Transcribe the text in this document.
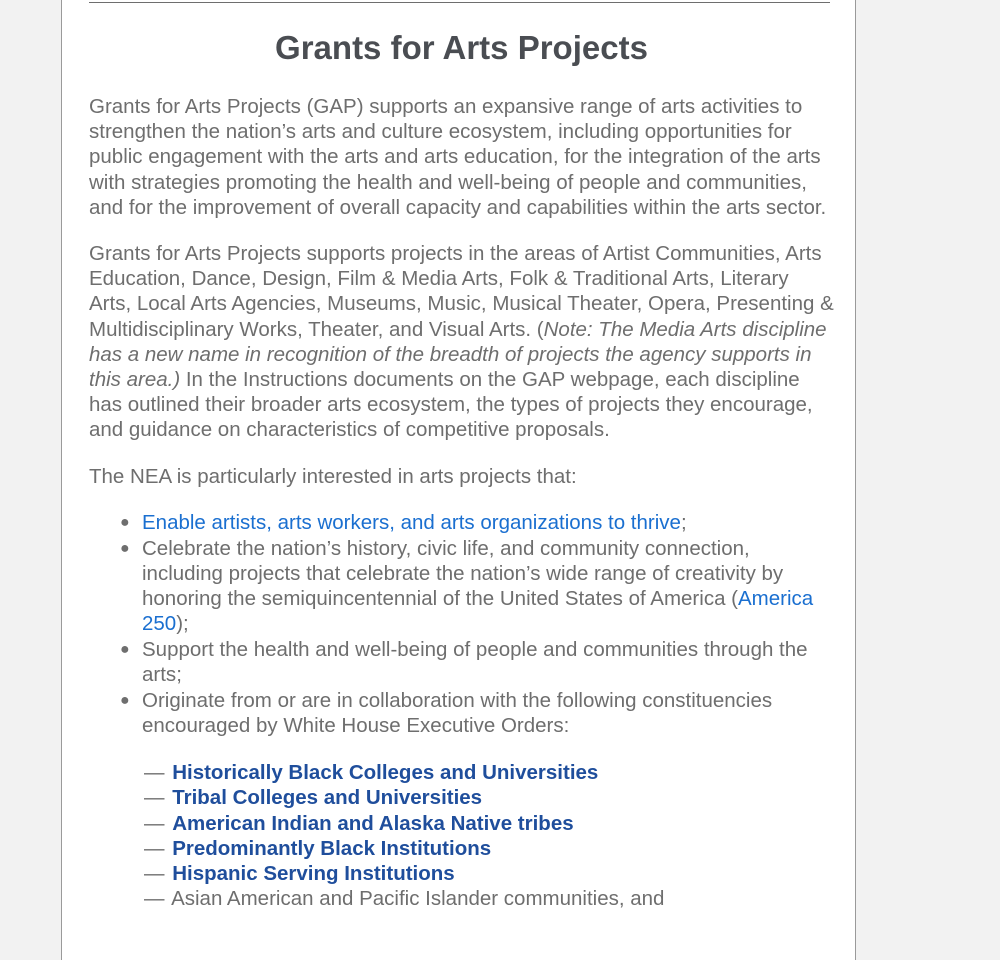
Grants for Arts Projects

Grants for Arts Projects (GAP) supports an expansive range of arts activities to strengthen the nation’s arts and culture ecosystem, including opportunities for public engagement with the arts and arts education, for the integration of the arts with strategies promoting the health and well-being of people and communities, and for the improvement of overall capacity and capabilities within the arts sector.

Grants for Arts Projects supports projects in the areas of Artist Communities, Arts Education, Dance, Design, Film & Media Arts, Folk & Traditional Arts, Literary Arts, Local Arts Agencies, Museums, Music, Musical Theater, Opera, Presenting & Multidisciplinary Works, Theater, and Visual Arts. (Note: The Media Arts discipline has a new name in recognition of the breadth of projects the agency supports in this area.) In the Instructions documents on the GAP webpage, each discipline has outlined their broader arts ecosystem, the types of projects they encourage, and guidance on characteristics of competitive proposals.

The NEA is particularly interested in arts projects that:

● Enable artists, arts workers, and arts organizations to thrive;
● Celebrate the nation’s history, civic life, and community connection, including projects that celebrate the nation’s wide range of creativity by honoring the semiquincentennial of the United States of America (America 250);
● Support the health and well-being of people and communities through the arts;
● Originate from or are in collaboration with the following constituencies encouraged by White House Executive Orders:
— Historically Black Colleges and Universities
— Tribal Colleges and Universities
— American Indian and Alaska Native tribes
— Predominantly Black Institutions
— Hispanic Serving Institutions
— Asian American and Pacific Islander communities, and
